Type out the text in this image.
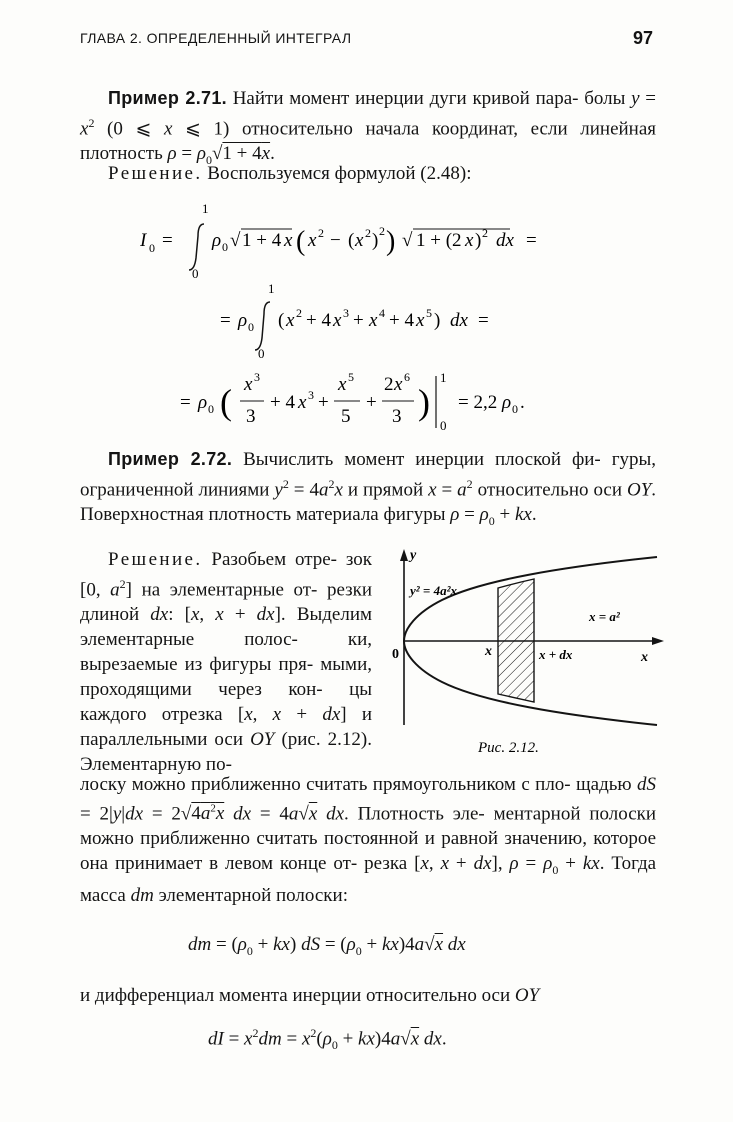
ГЛАВА 2. ОПРЕДЕЛЕННЫЙ ИНТЕГРАЛ	97
Пример 2.71. Найти момент инерции дуги кривой пара- болы $y = x^2$ (0 ⩽ x ⩽ 1) относительно начала координат, если линейная плотность $\rho = \rho_0√1 + 4x$.
Решение. Воспользуемся формулой (2.48):
I 0 =
1
0
ρ 0 √ 1 + 4 x ( x 2 − ( x 2 ) 2 ) √ 1 + (2 x ) 2 dx =
= ρ 0
1
0
( x 2 + 4 x 3 + x 4 + 4 x 5 ) dx =
= ρ 0 ( x 3
3
+ 4 x 3 +
x 5
5
+
2 x 6
3 )
1
0
= 2,2 ρ 0 .
Пример 2.72. Вычислить момент инерции плоской фи- гуры, ограниченной линиями $y^2 = 4a^2x$ и прямой $x = a^2$ относительно оси OY. Поверхностная плотность материала фигуры $\rho = \rho_0$ + kx.
Решение. Разобьем отре- зок [0, $a^2$] на элементарные от- резки длиной dx: [x, x + dx]. Выделим элементарные полос-	ки, вырезаемые из фигуры пря- мыми, проходящими через кон- цы каждого отрезка [x, x + dx] и параллельными оси OY (рис. 2.12). Элементарную по-
y
y² = 4a²x
x = a²
0	x	x + dx	x
Рис. 2.12.
лоску можно приближенно считать прямоугольником с пло- щадью dS = $2|y|dx = 2√4a^2x$ dx = 4a√x dx. Плотность эле- ментарной полоски можно приближенно считать постоянной и равной значению, которое она принимает в левом конце от- резка [x, x + dx], $\rho = \rho_0$ + kx. Тогда масса dm элементарной полоски:
dm = $(\rho_0 + kx)$ dS = $(\rho_0 + kx)4a√x$ dx
и дифференциал момента инерции относительно оси OY
dI = $x^2dm = x^2(\rho_0 + kx)4a√x$ dx.
